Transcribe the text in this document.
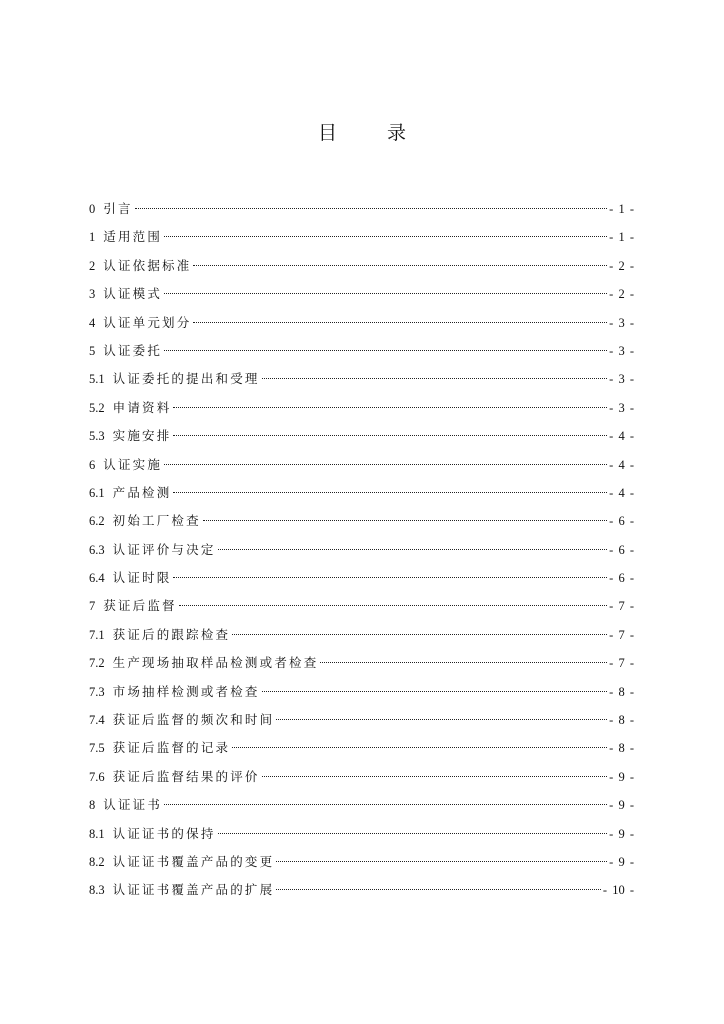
目 录
0 引言	- 1 -
1 适用范围	- 1 -
2 认证依据标准	- 2 -
3 认证模式	- 2 -
4 认证单元划分	- 3 -
5 认证委托	- 3 -
5.1 认证委托的提出和受理	- 3 -
5.2 申请资料	- 3 -
5.3 实施安排	- 4 -
6 认证实施	- 4 -
6.1 产品检测	- 4 -
6.2 初始工厂检查	- 6 -
6.3 认证评价与决定	- 6 -
6.4 认证时限	- 6 -
7 获证后监督	- 7 -
7.1 获证后的跟踪检查	- 7 -
7.2 生产现场抽取样品检测或者检查	- 7 -
7.3 市场抽样检测或者检查	- 8 -
7.4 获证后监督的频次和时间	- 8 -
7.5 获证后监督的记录	- 8 -
7.6 获证后监督结果的评价	- 9 -
8 认证证书	- 9 -
8.1 认证证书的保持	- 9 -
8.2 认证证书覆盖产品的变更	- 9 -
8.3 认证证书覆盖产品的扩展	- 10 -
